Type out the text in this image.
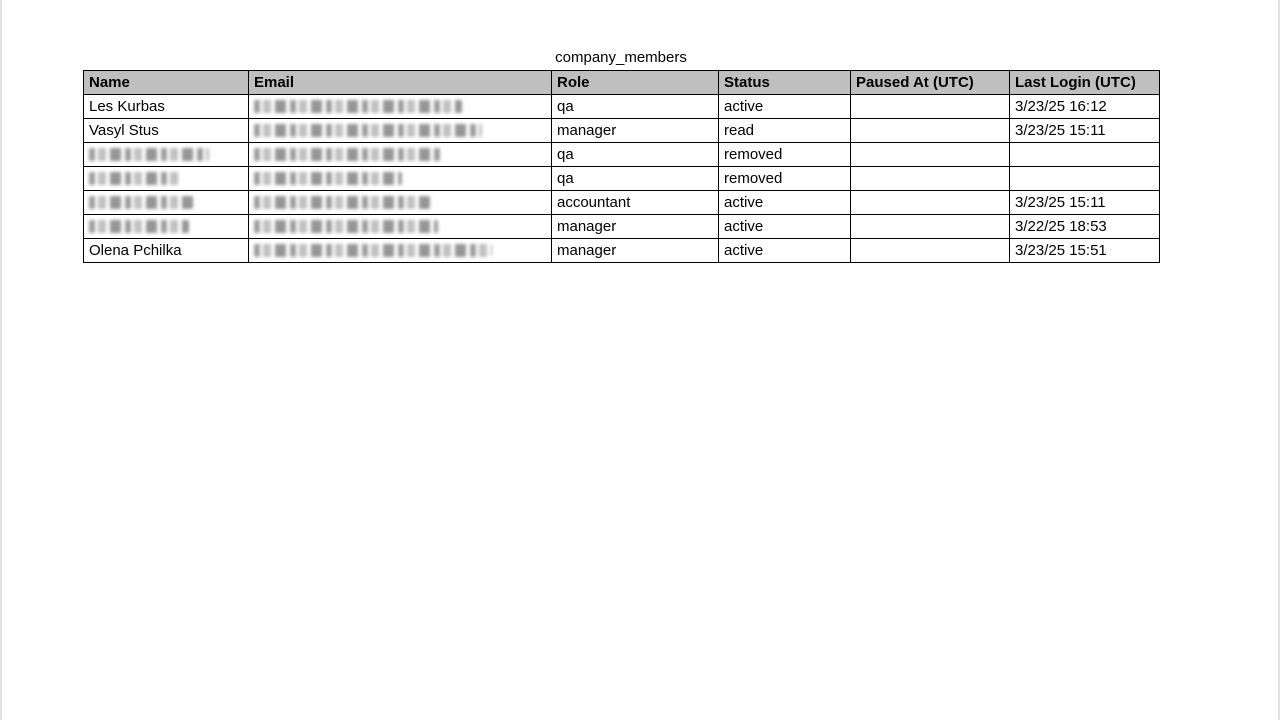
company_members
Name	Email	Role	Status	Paused At (UTC)	Last Login (UTC)
Les Kurbas		qa	active		3/23/25 16:12
Vasyl Stus		manager	read		3/23/25 15:11
		qa	removed		
		qa	removed		
		accountant	active		3/23/25 15:11
		manager	active		3/22/25 18:53
Olena Pchilka		manager	active		3/23/25 15:51
